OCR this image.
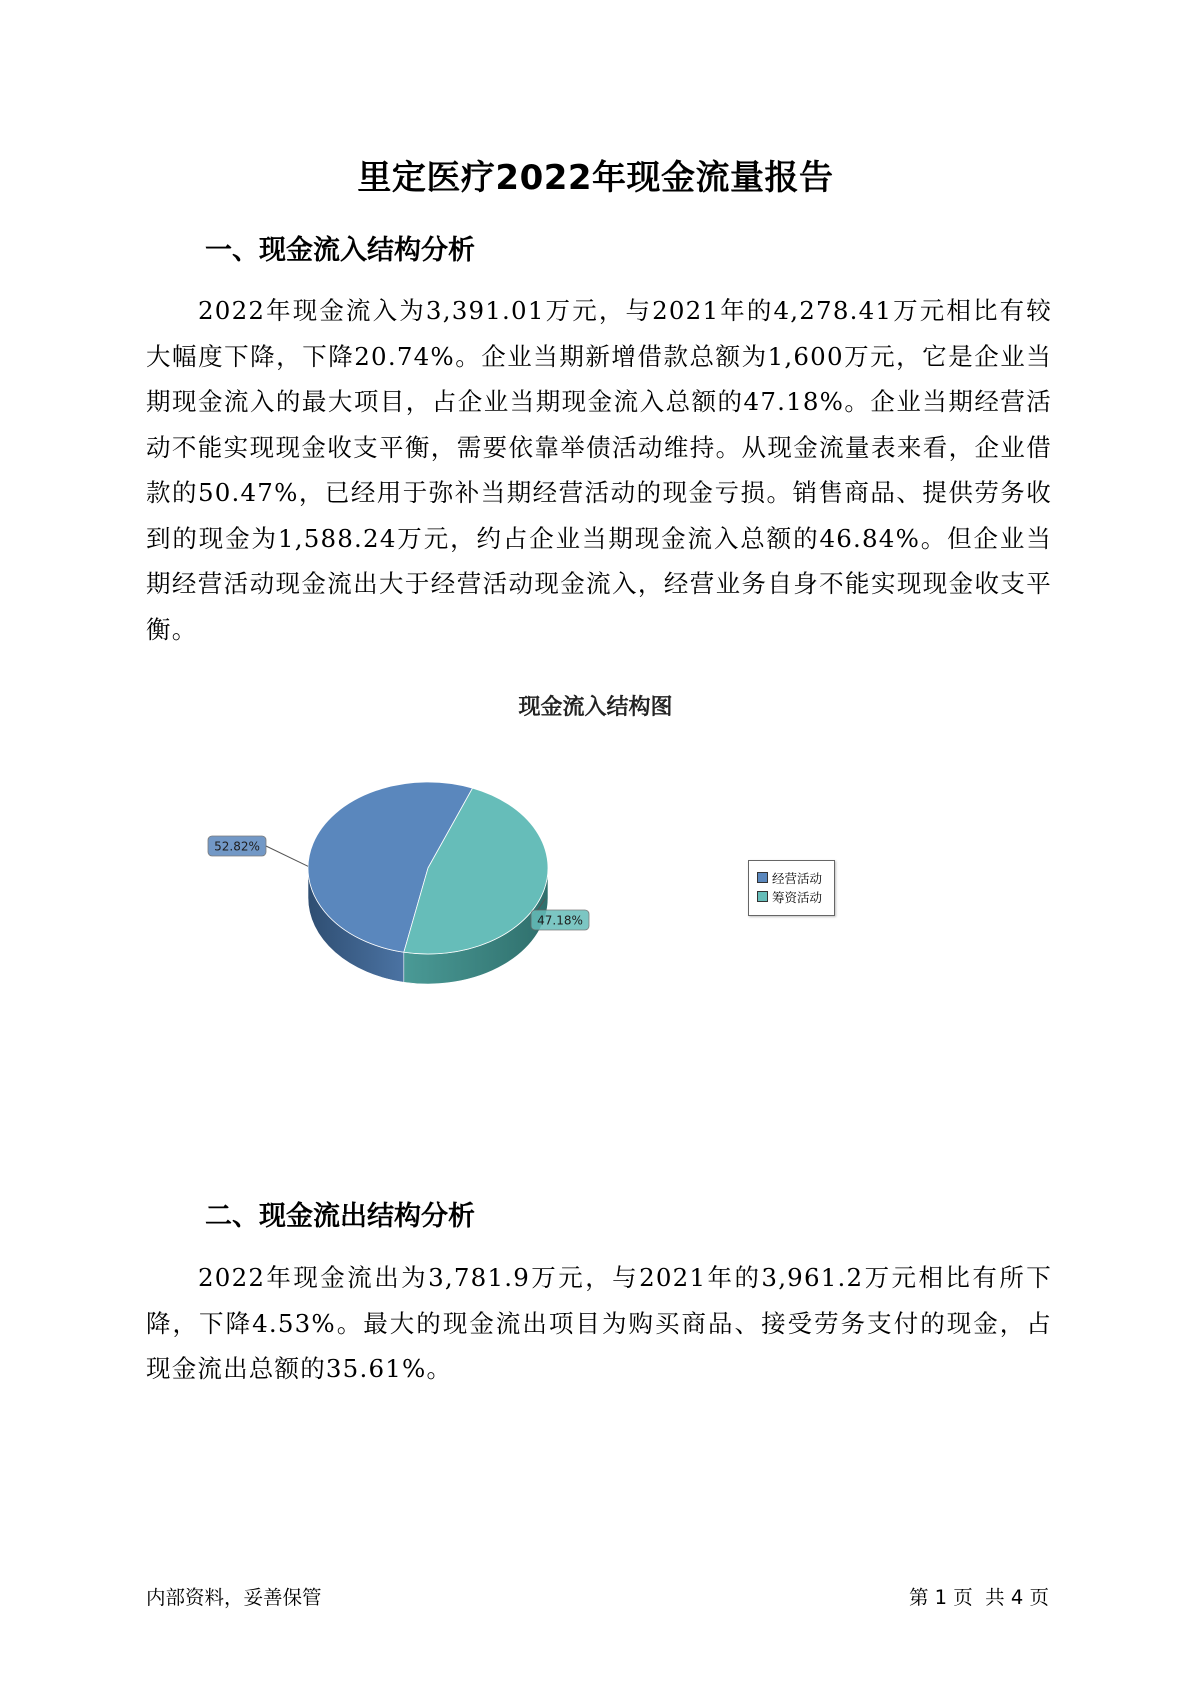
里定医疗2022年现金流量报告
一、现金流入结构分析

2022年现金流入为3,391.01万元，与2021年的4,278.41万元相比有较大幅度下降，下降20.74%。企业当期新增借款总额为1,600万元，它是企业当期现金流入的最大项目，占企业当期现金流入总额的47.18%。企业当期经营活动不能实现现金收支平衡，需要依靠举债活动维持。从现金流量表来看，企业借款的50.47%，已经用于弥补当期经营活动的现金亏损。销售商品、提供劳务收到的现金为1,588.24万元，约占企业当期现金流入总额的46.84%。但企业当期经营活动现金流出大于经营活动现金流入，经营业务自身不能实现现金收支平衡。

现金流入结构图
52.82%
47.18%
经营活动
筹资活动
二、现金流出结构分析

2022年现金流出为3,781.9万元，与2021年的3,961.2万元相比有所下降，下降4.53%。最大的现金流出项目为购买商品、接受劳务支付的现金，占现金流出总额的35.61%。

内部资料，妥善保管	第 1 页  共 4 页
